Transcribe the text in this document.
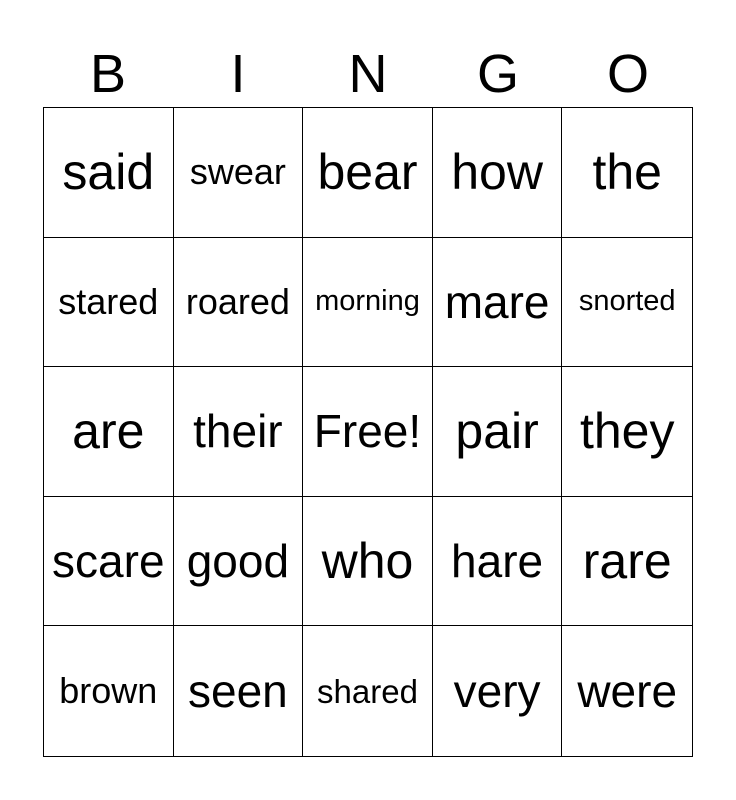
B	I	N	G	O
said swear bear how the
stared roared morning mare	snorted
are	their Free! pair they
scare good who hare rare
brown seen shared very were
